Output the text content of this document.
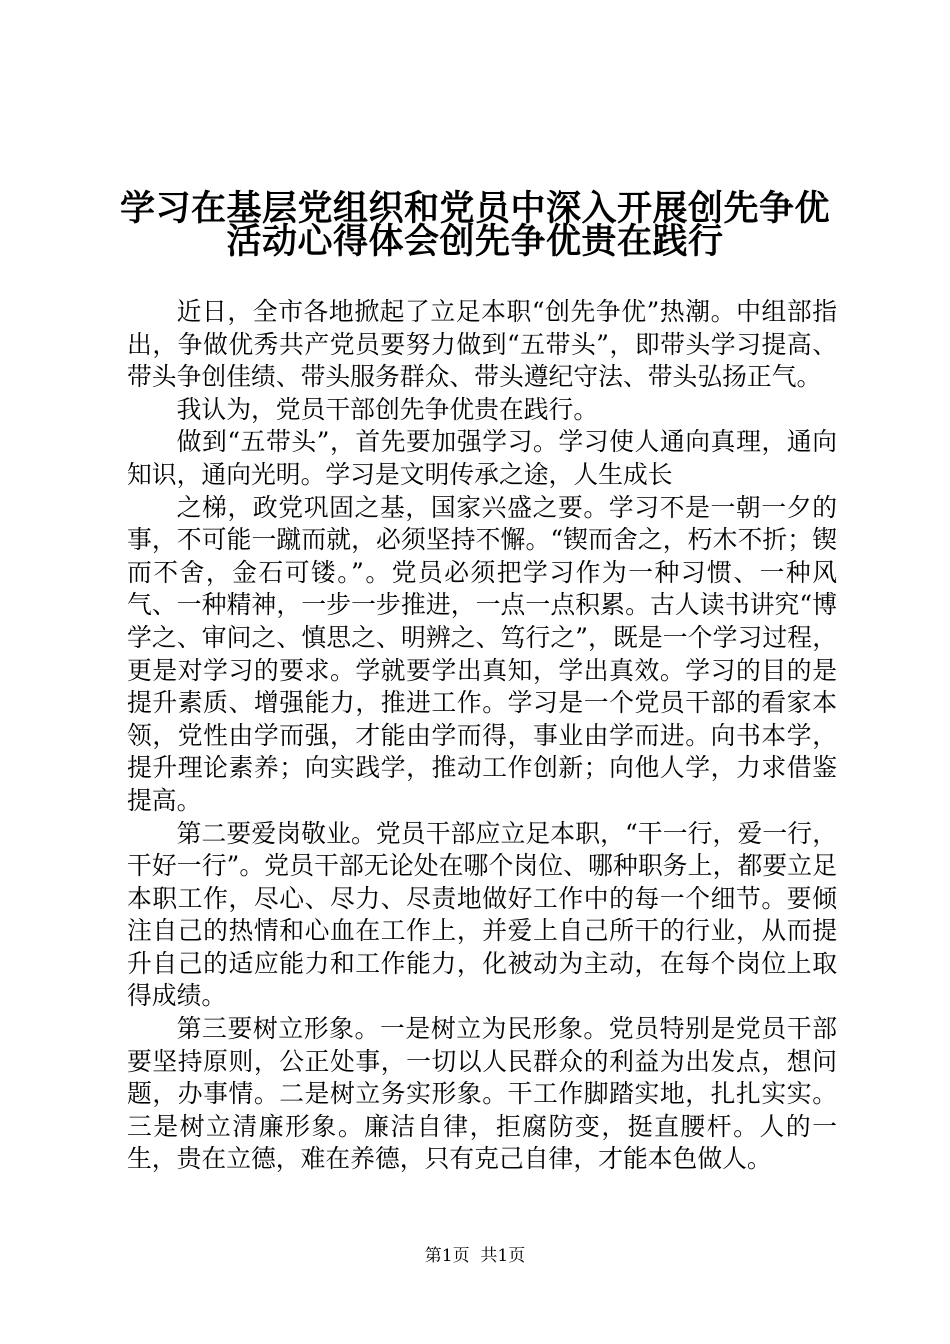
学习在基层党组织和党员中深入开展创先争优
活动心得体会创先争优贵在践行

近日，全市各地掀起了立足本职“创先争优”热潮。中组部指出，争做优秀共产党员要努力做到“五带头”，即带头学习提高、带头争创佳绩、带头服务群众、带头遵纪守法、带头弘扬正气。

我认为，党员干部创先争优贵在践行。

做到“五带头”，首先要加强学习。学习使人通向真理，通向知识，通向光明。学习是文明传承之途，人生成长

之梯，政党巩固之基，国家兴盛之要。学习不是一朝一夕的事，不可能一蹴而就，必须坚持不懈。“锲而舍之，朽木不折；锲而不舍，金石可镂。”。党员必须把学习作为一种习惯、一种风气、一种精神，一步一步推进，一点一点积累。古人读书讲究“博学之、审问之、慎思之、明辨之、笃行之”，既是一个学习过程，更是对学习的要求。学就要学出真知，学出真效。学习的目的是提升素质、增强能力，推进工作。学习是一个党员干部的看家本领，党性由学而强，才能由学而得，事业由学而进。向书本学，提升理论素养；向实践学，推动工作创新；向他人学，力求借鉴提高。

第二要爱岗敬业。党员干部应立足本职，“干一行，爱一行，干好一行”。党员干部无论处在哪个岗位、哪种职务上，都要立足本职工作，尽心、尽力、尽责地做好工作中的每一个细节。要倾注自己的热情和心血在工作上，并爱上自己所干的行业，从而提升自己的适应能力和工作能力，化被动为主动，在每个岗位上取得成绩。

第三要树立形象。一是树立为民形象。党员特别是党员干部要坚持原则，公正处事，一切以人民群众的利益为出发点，想问题，办事情。二是树立务实形象。干工作脚踏实地，扎扎实实。三是树立清廉形象。廉洁自律，拒腐防变，挺直腰杆。人的一生，贵在立德，难在养德，只有克己自律，才能本色做人。

第1页  共1页
